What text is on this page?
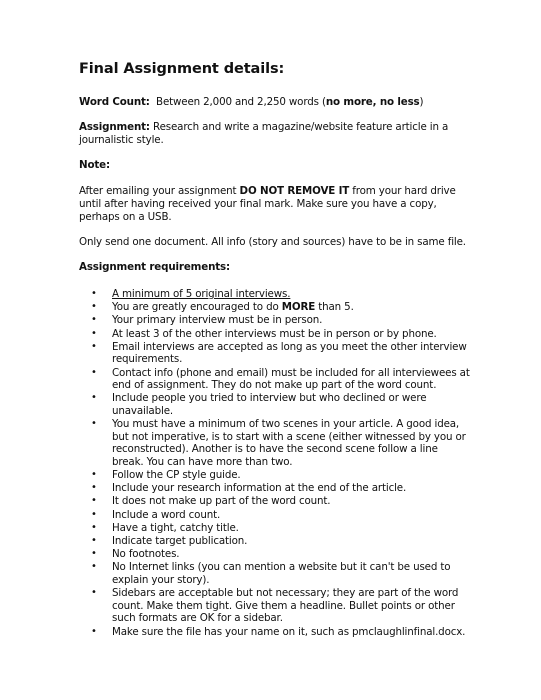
Final Assignment details:

Word Count: Between 2,000 and 2,250 words (no more, no less)

Assignment: Research and write a magazine/website feature article in a journalistic style.

Note:

After emailing your assignment DO NOT REMOVE IT from your hard drive until after having received your final mark. Make sure you have a copy, perhaps on a USB.

Only send one document. All info (story and sources) have to be in same file.

Assignment requirements:

• A minimum of 5 original interviews.
• You are greatly encouraged to do MORE than 5.
• Your primary interview must be in person.
• At least 3 of the other interviews must be in person or by phone.
• Email interviews are accepted as long as you meet the other interview requirements.
• Contact info (phone and email) must be included for all interviewees at end of assignment. They do not make up part of the word count.
• Include people you tried to interview but who declined or were unavailable.
• You must have a minimum of two scenes in your article. A good idea, but not imperative, is to start with a scene (either witnessed by you or reconstructed). Another is to have the second scene follow a line break. You can have more than two.
• Follow the CP style guide.
• Include your research information at the end of the article.
• It does not make up part of the word count.
• Include a word count.
• Have a tight, catchy title.
• Indicate target publication.
• No footnotes.
• No Internet links (you can mention a website but it can't be used to explain your story).
• Sidebars are acceptable but not necessary; they are part of the word count. Make them tight. Give them a headline. Bullet points or other such formats are OK for a sidebar.
• Make sure the file has your name on it, such as pmclaughlinfinal.docx.
